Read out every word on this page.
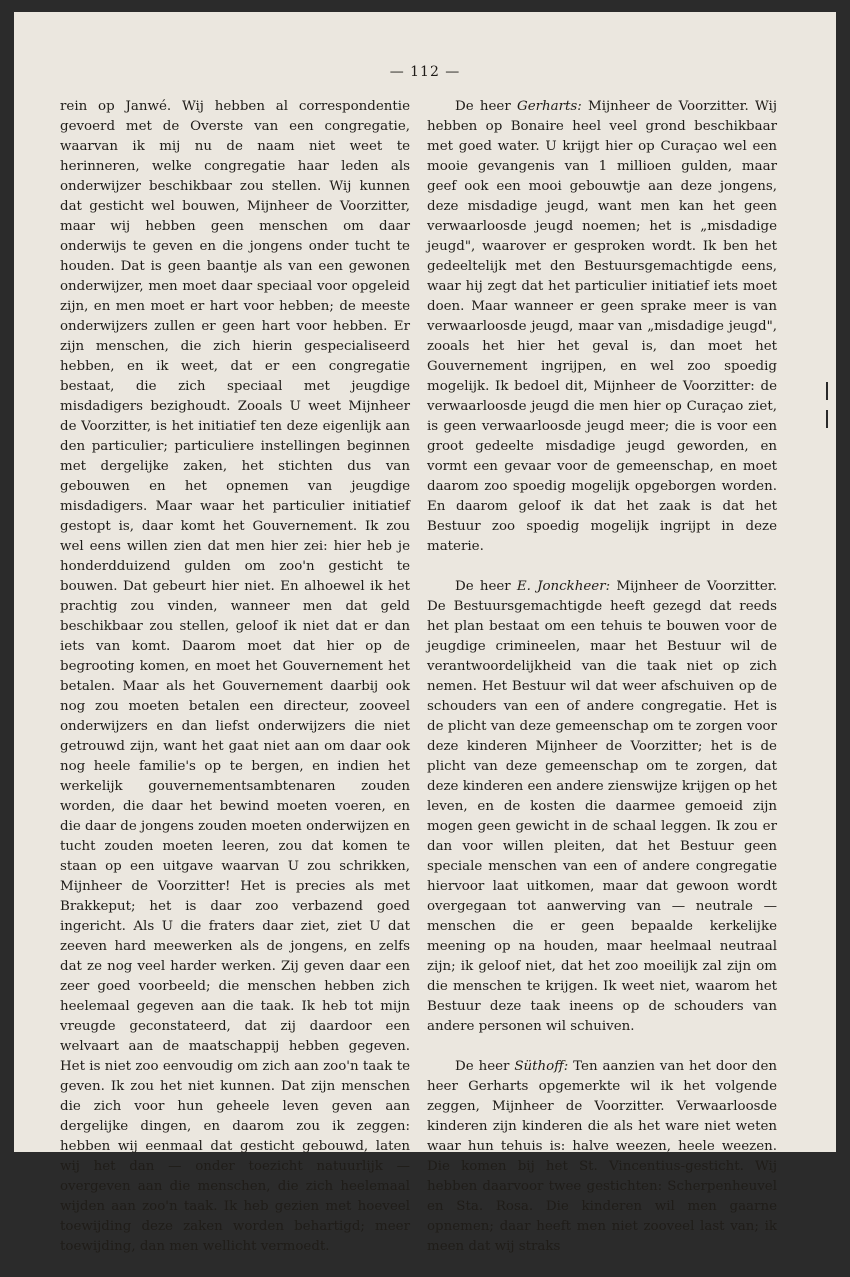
— 112 —

rein op Janwé. Wij hebben al correspondentie gevoerd met de Overste van een congregatie, waarvan ik mij nu de naam niet weet te herinneren, welke congregatie haar leden als onderwijzer beschikbaar zou stellen. Wij kunnen dat gesticht wel bouwen, Mijnheer de Voorzitter, maar wij hebben geen menschen om daar onderwijs te geven en die jongens onder tucht te houden. Dat is geen baantje als van een gewonen onderwijzer, men moet daar speciaal voor opgeleid zijn, en men moet er hart voor hebben; de meeste onderwijzers zullen er geen hart voor hebben. Er zijn menschen, die zich hierin gespecialiseerd hebben, en ik weet, dat er een congregatie bestaat, die zich speciaal met jeugdige misdadigers bezighoudt. Zooals U weet Mijnheer de Voorzitter, is het initiatief ten deze eigenlijk aan den particulier; particuliere instellingen beginnen met dergelijke zaken, het stichten dus van gebouwen en het opnemen van jeugdige misdadigers. Maar waar het particulier initiatief gestopt is, daar komt het Gouvernement. Ik zou wel eens willen zien dat men hier zei: hier heb je honderdduizend gulden om zoo'n gesticht te bouwen. Dat gebeurt hier niet. En alhoewel ik het prachtig zou vinden, wanneer men dat geld beschikbaar zou stellen, geloof ik niet dat er dan iets van komt. Daarom moet dat hier op de begrooting komen, en moet het Gouvernement het betalen. Maar als het Gouvernement daarbij ook nog zou moeten betalen een directeur, zooveel onderwijzers en dan liefst onderwijzers die niet getrouwd zijn, want het gaat niet aan om daar ook nog heele familie's op te bergen, en indien het werkelijk gouvernementsambtenaren zouden worden, die daar het bewind moeten voeren, en die daar de jongens zouden moeten onderwijzen en tucht zouden moeten leeren, zou dat komen te staan op een uitgave waarvan U zou schrikken, Mijnheer de Voorzitter! Het is precies als met Brakkeput; het is daar zoo verbazend goed ingericht. Als U die fraters daar ziet, ziet U dat zeeven hard meewerken als de jongens, en zelfs dat ze nog veel harder werken. Zij geven daar een zeer goed voorbeeld; die menschen hebben zich heelemaal gegeven aan die taak. Ik heb tot mijn vreugde geconstateerd, dat zij daardoor een welvaart aan de maatschappij hebben gegeven. Het is niet zoo eenvoudig om zich aan zoo'n taak te geven. Ik zou het niet kunnen. Dat zijn menschen die zich voor hun geheele leven geven aan dergelijke dingen, en daarom zou ik zeggen: hebben wij eenmaal dat gesticht gebouwd, laten wij het dan — onder toezicht natuurlijk — overgeven aan die menschen, die zich heelemaal wijden aan zoo'n taak. Ik heb gezien met hoeveel toewijding deze zaken worden behartigd; meer toewijding, dan men wellicht vermoedt.

De heer Gerharts: Mijnheer de Voorzitter. Wij hebben op Bonaire heel veel grond beschikbaar met goed water. U krijgt hier op Curaçao wel een mooie gevangenis van 1 millioen gulden, maar geef ook een mooi gebouwtje aan deze jongens, deze misdadige jeugd, want men kan het geen verwaarloosde jeugd noemen; het is „misdadige jeugd", waarover er gesproken wordt. Ik ben het gedeeltelijk met den Bestuursgemachtigde eens, waar hij zegt dat het particulier initiatief iets moet doen. Maar wanneer er geen sprake meer is van verwaarloosde jeugd, maar van „misdadige jeugd", zooals het hier het geval is, dan moet het Gouvernement ingrijpen, en wel zoo spoedig mogelijk. Ik bedoel dit, Mijnheer de Voorzitter: de verwaarloosde jeugd die men hier op Curaçao ziet, is geen verwaarloosde jeugd meer; die is voor een groot gedeelte misdadige jeugd geworden, en vormt een gevaar voor de gemeenschap, en moet daarom zoo spoedig mogelijk opgeborgen worden. En daarom geloof ik dat het zaak is dat het Bestuur zoo spoedig mogelijk ingrijpt in deze materie.

De heer E. Jonckheer: Mijnheer de Voorzitter. De Bestuursgemachtigde heeft gezegd dat reeds het plan bestaat om een tehuis te bouwen voor de jeugdige crimineelen, maar het Bestuur wil de verantwoordelijkheid van die taak niet op zich nemen. Het Bestuur wil dat weer afschuiven op de schouders van een of andere congregatie. Het is de plicht van deze gemeenschap om te zorgen voor deze kinderen Mijnheer de Voorzitter; het is de plicht van deze gemeenschap om te zorgen, dat deze kinderen een andere zienswijze krijgen op het leven, en de kosten die daarmee gemoeid zijn mogen geen gewicht in de schaal leggen. Ik zou er dan voor willen pleiten, dat het Bestuur geen speciale menschen van een of andere congregatie hiervoor laat uitkomen, maar dat gewoon wordt overgegaan tot aanwerving van — neutrale — menschen die er geen bepaalde kerkelijke meening op na houden, maar heelmaal neutraal zijn; ik geloof niet, dat het zoo moeilijk zal zijn om die menschen te krijgen. Ik weet niet, waarom het Bestuur deze taak ineens op de schouders van andere personen wil schuiven.

De heer Süthoff: Ten aanzien van het door den heer Gerharts opgemerkte wil ik het volgende zeggen, Mijnheer de Voorzitter. Verwaarloosde kinderen zijn kinderen die als het ware niet weten waar hun tehuis is: halve weezen, heele weezen. Die komen bij het St. Vincentius-gesticht. Wij hebben daarvoor twee gestichten: Scherpenheuvel en Sta. Rosa. Die kinderen wil men gaarne opnemen; daar heeft men niet zooveel last van; ik meen dat wij straks
